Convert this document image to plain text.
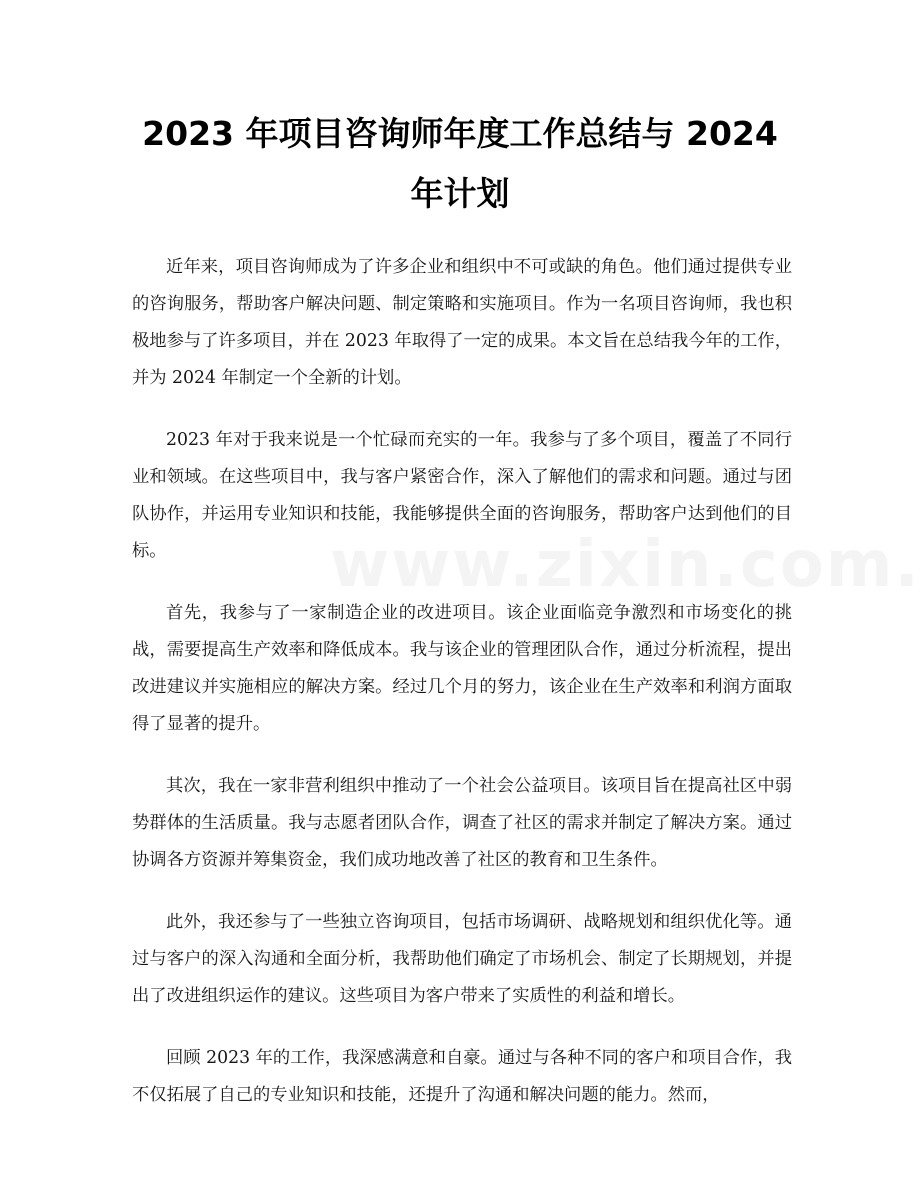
2023 年项目咨询师年度工作总结与 2024 年计划

近年来，项目咨询师成为了许多企业和组织中不可或缺的角色。他们通过提供专业的咨询服务，帮助客户解决问题、制定策略和实施项目。作为一名项目咨询师，我也积极地参与了许多项目，并在 2023 年取得了一定的成果。本文旨在总结我今年的工作，并为 2024 年制定一个全新的计划。

2023 年对于我来说是一个忙碌而充实的一年。我参与了多个项目，覆盖了不同行业和领域。在这些项目中，我与客户紧密合作，深入了解他们的需求和问题。通过与团队协作，并运用专业知识和技能，我能够提供全面的咨询服务，帮助客户达到他们的目标。

首先，我参与了一家制造企业的改进项目。该企业面临竞争激烈和市场变化的挑战，需要提高生产效率和降低成本。我与该企业的管理团队合作，通过分析流程，提出改进建议并实施相应的解决方案。经过几个月的努力，该企业在生产效率和利润方面取得了显著的提升。

其次，我在一家非营利组织中推动了一个社会公益项目。该项目旨在提高社区中弱势群体的生活质量。我与志愿者团队合作，调查了社区的需求并制定了解决方案。通过协调各方资源并筹集资金，我们成功地改善了社区的教育和卫生条件。

此外，我还参与了一些独立咨询项目，包括市场调研、战略规划和组织优化等。通过与客户的深入沟通和全面分析，我帮助他们确定了市场机会、制定了长期规划，并提出了改进组织运作的建议。这些项目为客户带来了实质性的利益和增长。

回顾 2023 年的工作，我深感满意和自豪。通过与各种不同的客户和项目合作，我不仅拓展了自己的专业知识和技能，还提升了沟通和解决问题的能力。然而，
